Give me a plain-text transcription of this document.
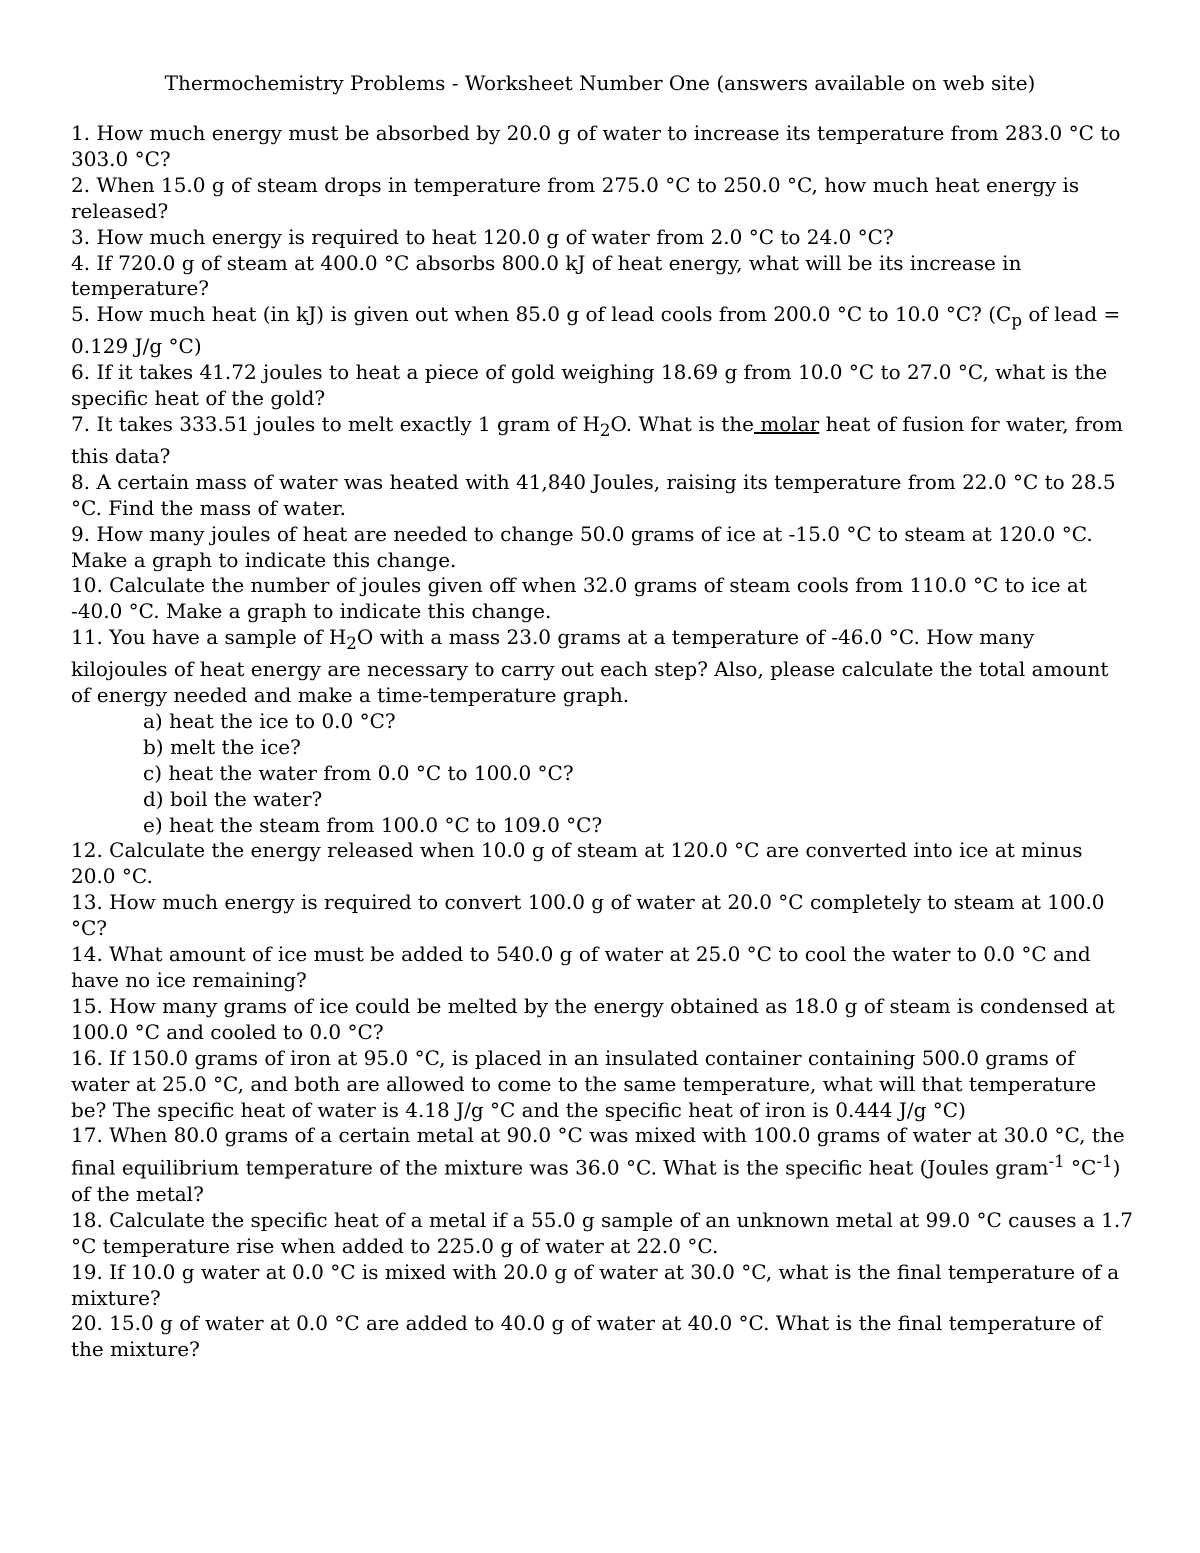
Thermochemistry Problems - Worksheet Number One (answers available on web site)

1. How much energy must be absorbed by 20.0 g of water to increase its temperature from 283.0 °C to 303.0 °C?

2. When 15.0 g of steam drops in temperature from 275.0 °C to 250.0 °C, how much heat energy is released?

3. How much energy is required to heat 120.0 g of water from 2.0 °C to 24.0 °C?

4. If 720.0 g of steam at 400.0 °C absorbs 800.0 kJ of heat energy, what will be its increase in temperature?

5. How much heat (in kJ) is given out when 85.0 g of lead cools from 200.0 °C to 10.0 °C? ($C_p$ of lead = 0.129 J/g °C)

6. If it takes 41.72 joules to heat a piece of gold weighing 18.69 g from 10.0 °C to 27.0 °C, what is the specific heat of the gold?

7. It takes 333.51 joules to melt exactly 1 gram of $H_2O$. What is the molar heat of fusion for water, from this data?

8. A certain mass of water was heated with 41,840 Joules, raising its temperature from 22.0 °C to 28.5 °C. Find the mass of water.

9. How many joules of heat are needed to change 50.0 grams of ice at -15.0 °C to steam at 120.0 °C. Make a graph to indicate this change.

10. Calculate the number of joules given off when 32.0 grams of steam cools from 110.0 °C to ice at -40.0 °C. Make a graph to indicate this change.

11. You have a sample of $H_2O$ with a mass 23.0 grams at a temperature of -46.0 °C. How many kilojoules of heat energy are necessary to carry out each step? Also, please calculate the total amount of energy needed and make a time-temperature graph.

a) heat the ice to 0.0 °C?

b) melt the ice?

c) heat the water from 0.0 °C to 100.0 °C?

d) boil the water?

e) heat the steam from 100.0 °C to 109.0 °C?

12. Calculate the energy released when 10.0 g of steam at 120.0 °C are converted into ice at minus 20.0 °C.

13. How much energy is required to convert 100.0 g of water at 20.0 °C completely to steam at 100.0 °C?

14. What amount of ice must be added to 540.0 g of water at 25.0 °C to cool the water to 0.0 °C and have no ice remaining?

15. How many grams of ice could be melted by the energy obtained as 18.0 g of steam is condensed at 100.0 °C and cooled to 0.0 °C?

16. If 150.0 grams of iron at 95.0 °C, is placed in an insulated container containing 500.0 grams of water at 25.0 °C, and both are allowed to come to the same temperature, what will that temperature be? The specific heat of water is 4.18 J/g °C and the specific heat of iron is 0.444 J/g °C)

17. When 80.0 grams of a certain metal at 90.0 °C was mixed with 100.0 grams of water at 30.0 °C, the final equilibrium temperature of the mixture was 36.0 °C. What is the specific heat (Joules gram$^{-1}$ $^\circ C^{-1}$) of the metal?

18. Calculate the specific heat of a metal if a 55.0 g sample of an unknown metal at 99.0 °C causes a 1.7 °C temperature rise when added to 225.0 g of water at 22.0 °C.

19. If 10.0 g water at 0.0 °C is mixed with 20.0 g of water at 30.0 °C, what is the final temperature of a mixture?

20. 15.0 g of water at 0.0 °C are added to 40.0 g of water at 40.0 °C. What is the final temperature of the mixture?
